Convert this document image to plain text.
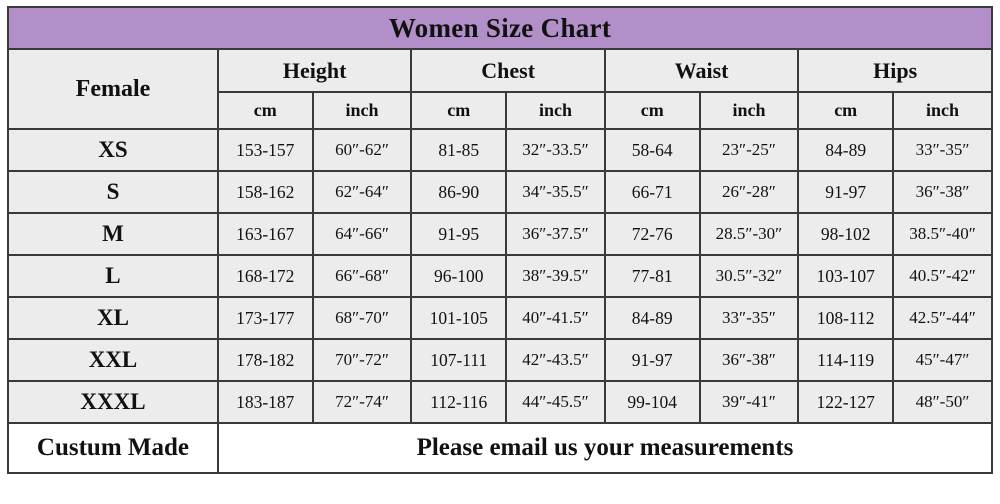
Women Size Chart								
Female	Height		Chest		Waist		Hips	
	cm	inch	cm	inch	cm	inch	cm	inch
XS	153-157	60″-62″	81-85	32″-33.5″	58-64	23″-25″	84-89	33″-35″
S	158-162	62″-64″	86-90	34″-35.5″	66-71	26″-28″	91-97	36″-38″
M	163-167	64″-66″	91-95	36″-37.5″	72-76	28.5″-30″	98-102	38.5″-40″
L	168-172	66″-68″	96-100	38″-39.5″	77-81	30.5″-32″	103-107	40.5″-42″
XL	173-177	68″-70″	101-105	40″-41.5″	84-89	33″-35″	108-112	42.5″-44″
XXL	178-182	70″-72″	107-111	42″-43.5″	91-97	36″-38″	114-119	45″-47″
XXXL	183-187	72″-74″	112-116	44″-45.5″	99-104	39″-41″	122-127	48″-50″
Custum Made	Please email us your measurements							
